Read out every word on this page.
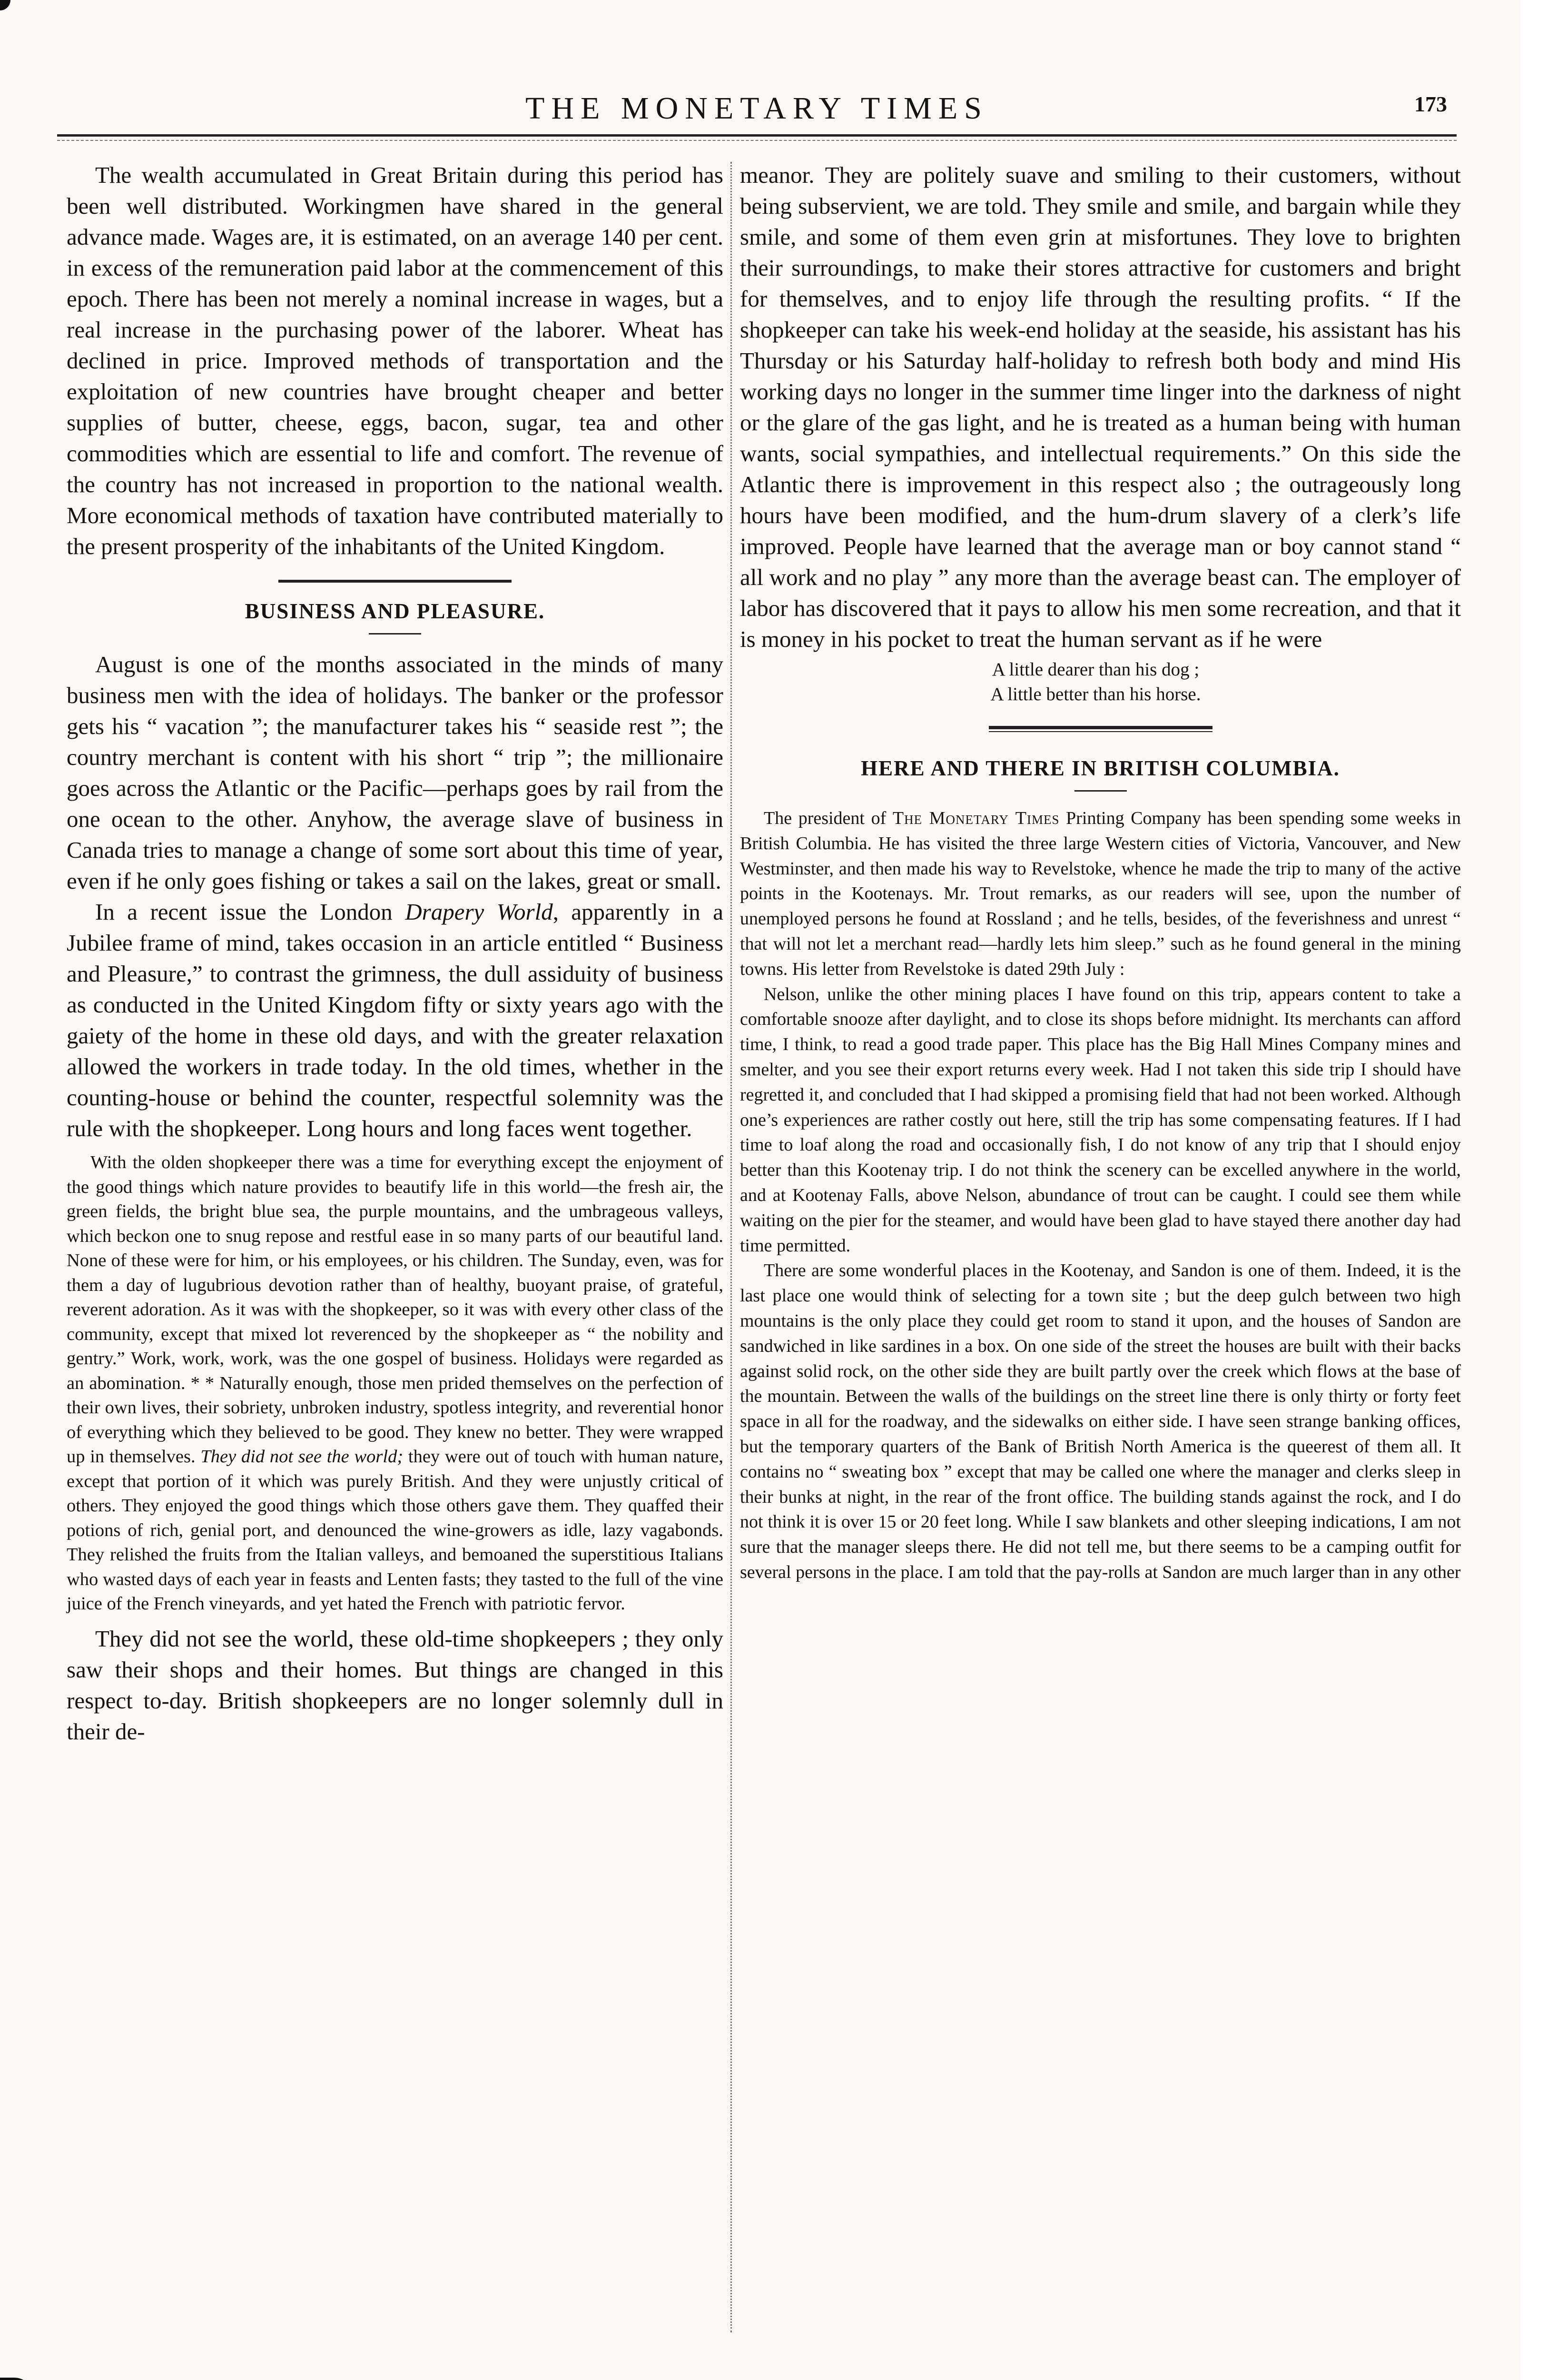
THE MONETARY TIMES	173

The wealth accumulated in Great Britain during this period has been well distributed. Workingmen have shared in the general advance made. Wages are, it is estimated, on an average 140 per cent. in excess of the remuneration paid labor at the commencement of this epoch. There has been not merely a nominal increase in wages, but a real increase in the purchasing power of the laborer. Wheat has declined in price. Improved methods of transportation and the exploitation of new countries have brought cheaper and better supplies of butter, cheese, eggs, bacon, sugar, tea and other commodities which are essential to life and comfort. The revenue of the country has not increased in proportion to the national wealth. More economical methods of taxation have contributed materially to the present prosperity of the inhabitants of the United Kingdom.

BUSINESS AND PLEASURE.

August is one of the months associated in the minds of many business men with the idea of holidays. The banker or the professor gets his “ vacation ”; the manufacturer takes his “ seaside rest ”; the country merchant is content with his short “ trip ”; the millionaire goes across the Atlantic or the Pacific—perhaps goes by rail from the one ocean to the other. Anyhow, the average slave of business in Canada tries to manage a change of some sort about this time of year, even if he only goes fishing or takes a sail on the lakes, great or small.

In a recent issue the London Drapery World, apparently in a Jubilee frame of mind, takes occasion in an article entitled “ Business and Pleasure,” to contrast the grimness, the dull assiduity of business as conducted in the United Kingdom fifty or sixty years ago with the gaiety of the home in these old days, and with the greater relaxation allowed the workers in trade today. In the old times, whether in the counting-house or behind the counter, respectful solemnity was the rule with the shopkeeper. Long hours and long faces went together.

With the olden shopkeeper there was a time for everything except the enjoyment of the good things which nature provides to beautify life in this world—the fresh air, the green fields, the bright blue sea, the purple mountains, and the umbrageous valleys, which beckon one to snug repose and restful ease in so many parts of our beautiful land. None of these were for him, or his employees, or his children. The Sunday, even, was for them a day of lugubrious devotion rather than of healthy, buoyant praise, of grateful, reverent adoration. As it was with the shopkeeper, so it was with every other class of the community, except that mixed lot reverenced by the shopkeeper as “ the nobility and gentry.” Work, work, work, was the one gospel of business. Holidays were regarded as an abomination. * * Naturally enough, those men prided themselves on the perfection of their own lives, their sobriety, unbroken industry, spotless integrity, and reverential honor of everything which they believed to be good. They knew no better. They were wrapped up in themselves. They did not see the world; they were out of touch with human nature, except that portion of it which was purely British. And they were unjustly critical of others. They enjoyed the good things which those others gave them. They quaffed their potions of rich, genial port, and denounced the wine-growers as idle, lazy vagabonds. They relished the fruits from the Italian valleys, and bemoaned the superstitious Italians who wasted days of each year in feasts and Lenten fasts; they tasted to the full of the vine juice of the French vineyards, and yet hated the French with patriotic fervor.

They did not see the world, these old-time shopkeepers ; they only saw their shops and their homes. But things are changed in this respect to-day. British shopkeepers are no longer solemnly dull in their de-

meanor. They are politely suave and smiling to their customers, without being subservient, we are told. They smile and smile, and bargain while they smile, and some of them even grin at misfortunes. They love to brighten their surroundings, to make their stores attractive for customers and bright for themselves, and to enjoy life through the resulting profits. “ If the shopkeeper can take his week-end holiday at the seaside, his assistant has his Thursday or his Saturday half-holiday to refresh both body and mind His working days no longer in the summer time linger into the darkness of night or the glare of the gas light, and he is treated as a human being with human wants, social sympathies, and intellectual requirements.” On this side the Atlantic there is improvement in this respect also ; the outrageously long hours have been modified, and the hum-drum slavery of a clerk’s life improved. People have learned that the average man or boy cannot stand “ all work and no play ” any more than the average beast can. The employer of labor has discovered that it pays to allow his men some recreation, and that it is money in his pocket to treat the human servant as if he were

A little dearer than his dog ;
A little better than his horse.
HERE AND THERE IN BRITISH COLUMBIA.

The president of The Monetary Times Printing Company has been spending some weeks in British Columbia. He has visited the three large Western cities of Victoria, Vancouver, and New Westminster, and then made his way to Revelstoke, whence he made the trip to many of the active points in the Kootenays. Mr. Trout remarks, as our readers will see, upon the number of unemployed persons he found at Rossland ; and he tells, besides, of the feverishness and unrest “ that will not let a merchant read—hardly lets him sleep.” such as he found general in the mining towns. His letter from Revelstoke is dated 29th July :

Nelson, unlike the other mining places I have found on this trip, appears content to take a comfortable snooze after daylight, and to close its shops before midnight. Its merchants can afford time, I think, to read a good trade paper. This place has the Big Hall Mines Company mines and smelter, and you see their export returns every week. Had I not taken this side trip I should have regretted it, and concluded that I had skipped a promising field that had not been worked. Although one’s experiences are rather costly out here, still the trip has some compensating features. If I had time to loaf along the road and occasionally fish, I do not know of any trip that I should enjoy better than this Kootenay trip. I do not think the scenery can be excelled anywhere in the world, and at Kootenay Falls, above Nelson, abundance of trout can be caught. I could see them while waiting on the pier for the steamer, and would have been glad to have stayed there another day had time permitted.

There are some wonderful places in the Kootenay, and Sandon is one of them. Indeed, it is the last place one would think of selecting for a town site ; but the deep gulch between two high mountains is the only place they could get room to stand it upon, and the houses of Sandon are sandwiched in like sardines in a box. On one side of the street the houses are built with their backs against solid rock, on the other side they are built partly over the creek which flows at the base of the mountain. Between the walls of the buildings on the street line there is only thirty or forty feet space in all for the roadway, and the sidewalks on either side. I have seen strange banking offices, but the temporary quarters of the Bank of British North America is the queerest of them all. It contains no “ sweating box ” except that may be called one where the manager and clerks sleep in their bunks at night, in the rear of the front office. The building stands against the rock, and I do not think it is over 15 or 20 feet long. While I saw blankets and other sleeping indications, I am not sure that the manager sleeps there. He did not tell me, but there seems to be a camping outfit for several persons in the place. I am told that the pay-rolls at Sandon are much larger than in any other
